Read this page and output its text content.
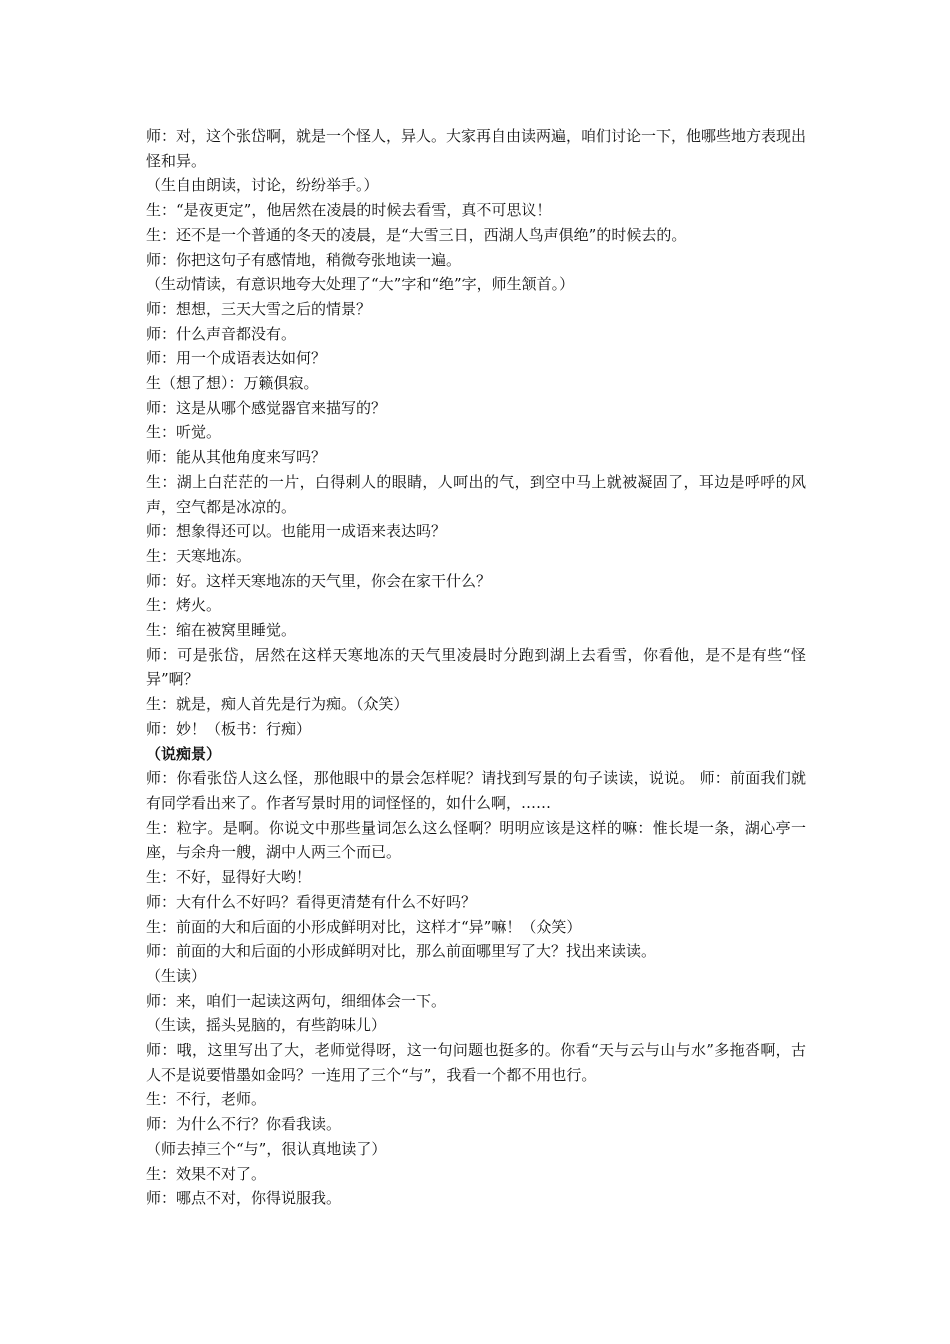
师：对，这个张岱啊，就是一个怪人，异人。大家再自由读两遍，咱们讨论一下，他哪些地方表现出怪和异。

（生自由朗读，讨论，纷纷举手。）

生：“是夜更定”，他居然在凌晨的时候去看雪，真不可思议！

生：还不是一个普通的冬天的凌晨，是“大雪三日，西湖人鸟声俱绝”的时候去的。

师：你把这句子有感情地，稍微夸张地读一遍。

（生动情读，有意识地夸大处理了“大”字和“绝”字，师生颔首。）

师：想想，三天大雪之后的情景？

师：什么声音都没有。

师：用一个成语表达如何？

生（想了想）：万籁俱寂。

师：这是从哪个感觉器官来描写的？

生：听觉。

师：能从其他角度来写吗？

生：湖上白茫茫的一片，白得刺人的眼睛，人呵出的气，到空中马上就被凝固了，耳边是呼呼的风声，空气都是冰凉的。

师：想象得还可以。也能用一成语来表达吗？

生：天寒地冻。

师：好。这样天寒地冻的天气里，你会在家干什么？

生：烤火。

生：缩在被窝里睡觉。

师：可是张岱，居然在这样天寒地冻的天气里凌晨时分跑到湖上去看雪，你看他，是不是有些“怪异”啊？

生：就是，痴人首先是行为痴。（众笑）

师：妙！（板书：行痴）

（说痴景）

师：你看张岱人这么怪，那他眼中的景会怎样呢？请找到写景的句子读读，说说。 师：前面我们就有同学看出来了。作者写景时用的词怪怪的，如什么啊，……

生：粒字。是啊。你说文中那些量词怎么这么怪啊？明明应该是这样的嘛：惟长堤一条，湖心亭一座，与余舟一艘，湖中人两三个而已。

生：不好，显得好大哟！

师：大有什么不好吗？看得更清楚有什么不好吗？

生：前面的大和后面的小形成鲜明对比，这样才“异”嘛！（众笑）

师：前面的大和后面的小形成鲜明对比，那么前面哪里写了大？找出来读读。

（生读）

师：来，咱们一起读这两句，细细体会一下。

（生读，摇头晃脑的，有些韵味儿）

师：哦，这里写出了大，老师觉得呀，这一句问题也挺多的。你看“天与云与山与水”多拖沓啊，古人不是说要惜墨如金吗？一连用了三个“与”，我看一个都不用也行。

生：不行，老师。

师：为什么不行？你看我读。

（师去掉三个“与”，很认真地读了）

生：效果不对了。

师：哪点不对，你得说服我。
